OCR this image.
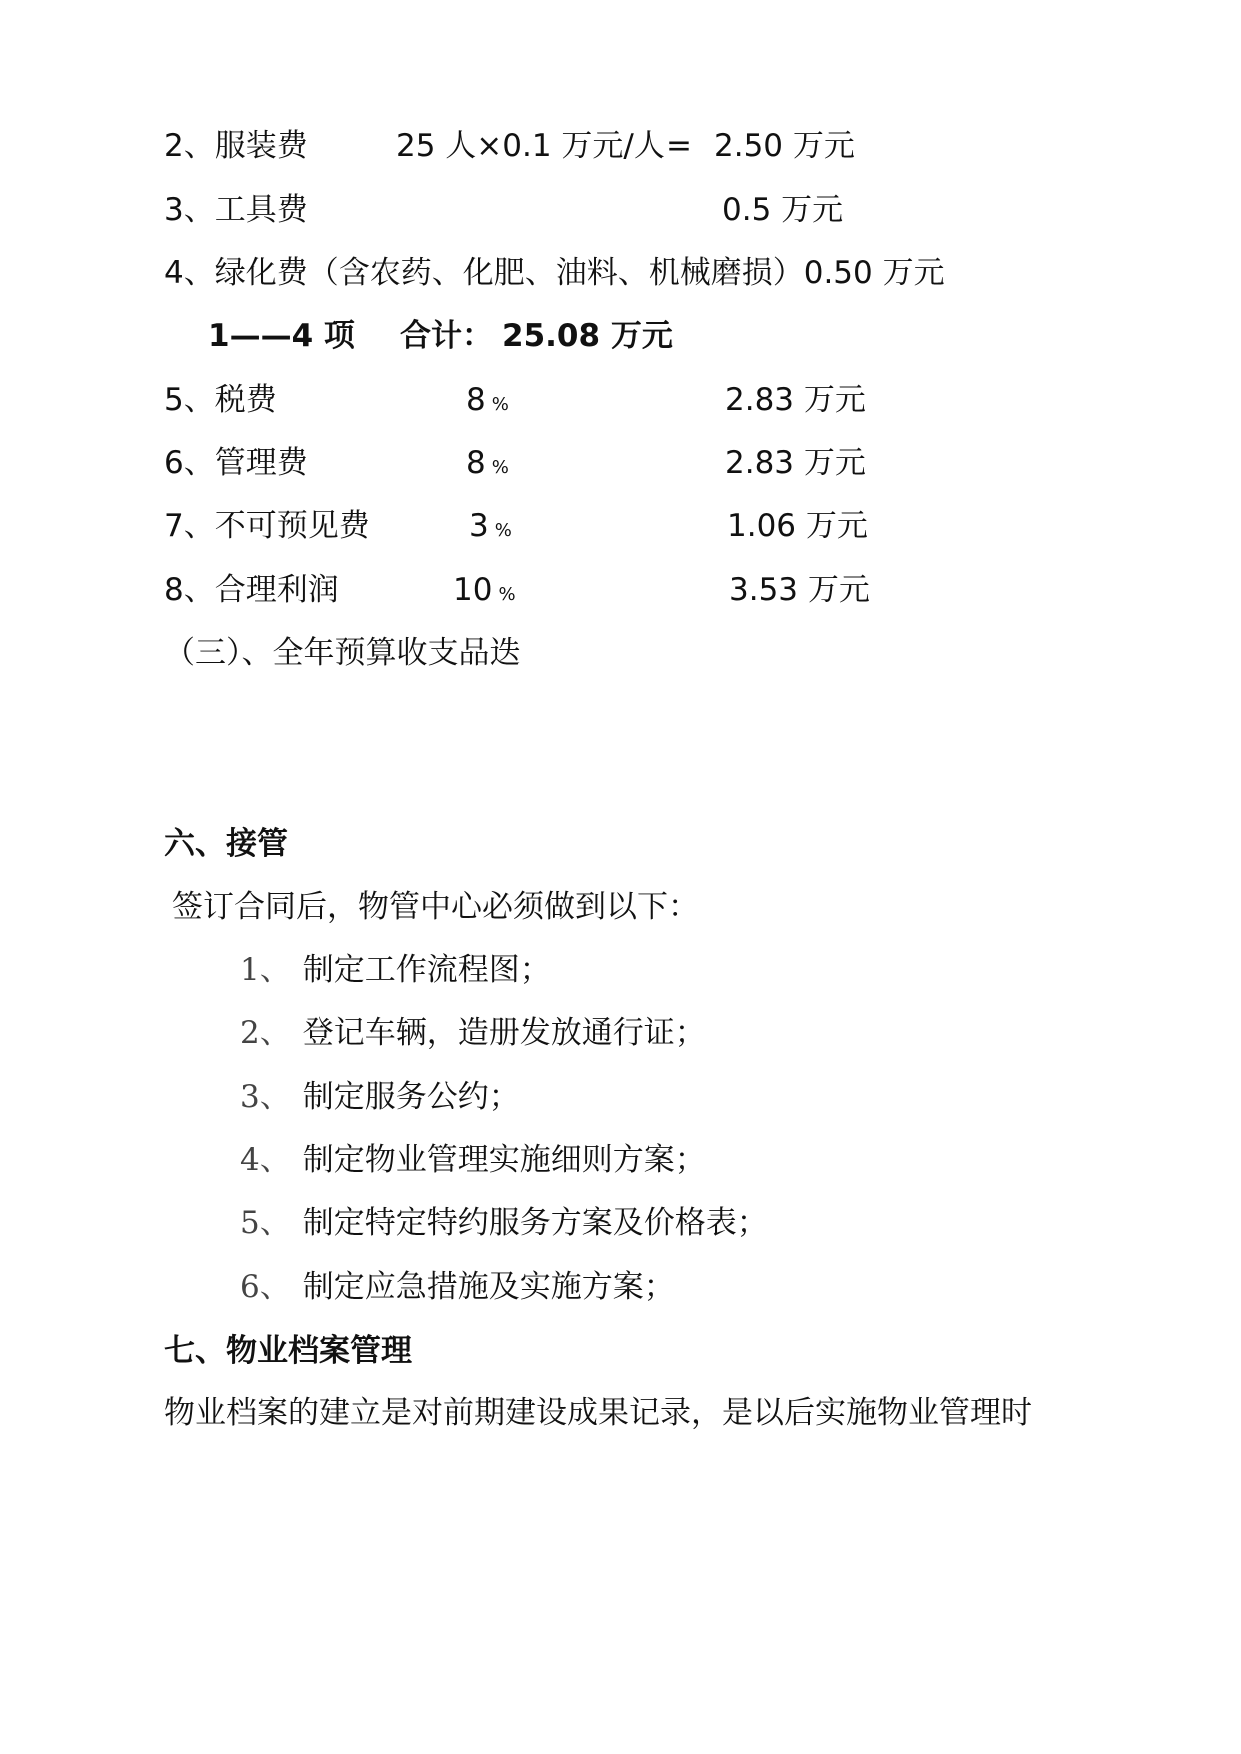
2、服装费	25 人×0.1 万元/人 = 2.50 万元
3、工具费	0.5 万元
4、绿化费（含农药、化肥、油料、机械磨损）0.50 万元
1——4 项 合计： 25.08 万元
5、税费	8 %	2.83 万元
6、管理费	8 %	2.83 万元
7、不可预见费	3 %	1.06 万元
8、合理利润	10 %	3.53 万元
（三）、全年预算收支品迭
六、接管
签订合同后，物管中心必须做到以下：
1、 制定工作流程图；
2、 登记车辆，造册发放通行证；
3、 制定服务公约；
4、 制定物业管理实施细则方案；
5、 制定特定特约服务方案及价格表；
6、 制定应急措施及实施方案；
七、物业档案管理
物业档案的建立是对前期建设成果记录，是以后实施物业管理时
